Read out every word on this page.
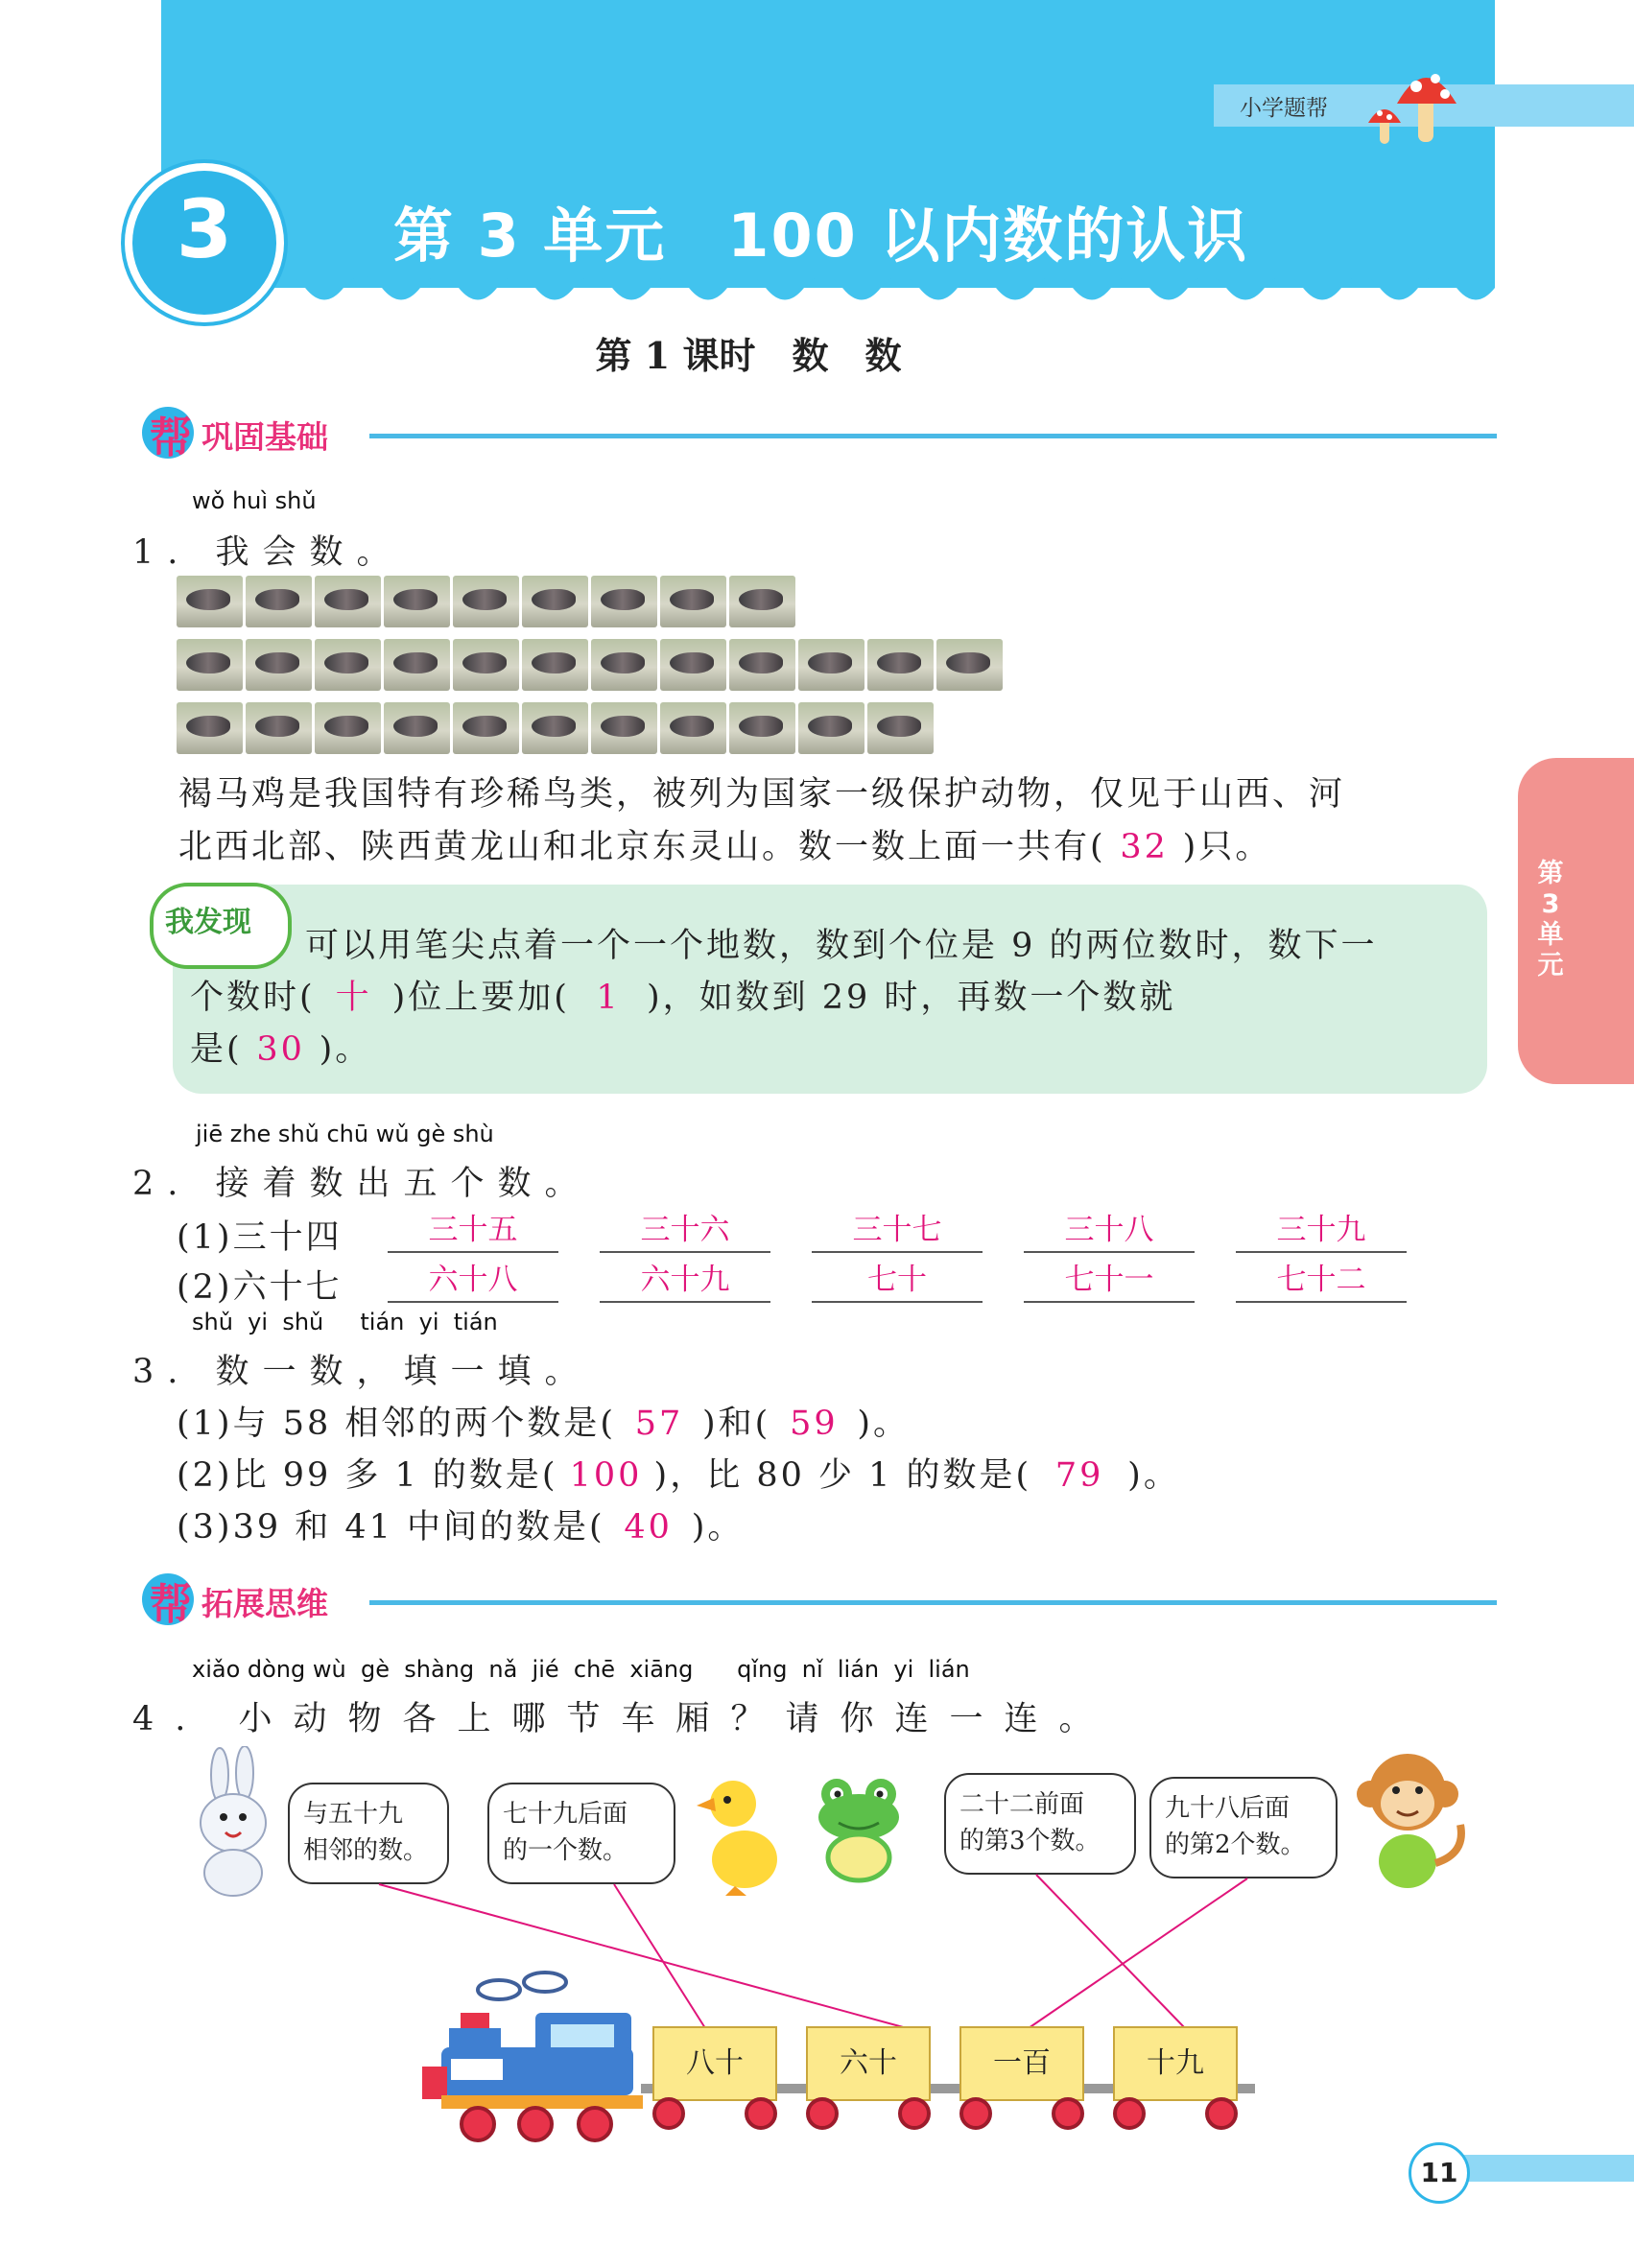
小学题帮
3	第 3 单元　100 以内数的认识
第 1 课时　数　数
第3单元
帮 巩固基础
wǒ huì shǔ
1. 我会数。
褐马鸡是我国特有珍稀鸟类，被列为国家一级保护动物，仅见于山西、河
北西北部、陕西黄龙山和北京东灵山。数一数上面一共有( 32 )只。
我发现
可以用笔尖点着一个一个地数，数到个位是 9 的两位数时，数下一
个数时( 十 )位上要加( 1 )，如数到 29 时，再数一个数就
是( 30 )。
jiē zhe shǔ chū wǔ gè shù
2. 接着数出五个数。
(1)三十四	三十五	三十六	三十七	三十八	三十九
(2)六十七	六十八	六十九	七十	七十一	七十二
shǔ  yi  shǔ     tián  yi  tián
3. 数一数，填一填。
(1)与 58 相邻的两个数是( 57 )和( 59 )。
(2)比 99 多 1 的数是( 100 )，比 80 少 1 的数是( 79 )。
(3)39 和 41 中间的数是( 40 )。
帮 拓展思维
xiǎo dòng wù  gè  shàng  nǎ  jié  chē  xiāng      qǐng  nǐ  lián  yi  lián
4. 小动物各上哪节车厢？请你连一连。
与五十九
相邻的数。
七十九后面
的一个数。
二十二前面
的第3个数。
九十八后面
的第2个数。
八十	六十	一百	十九
11
